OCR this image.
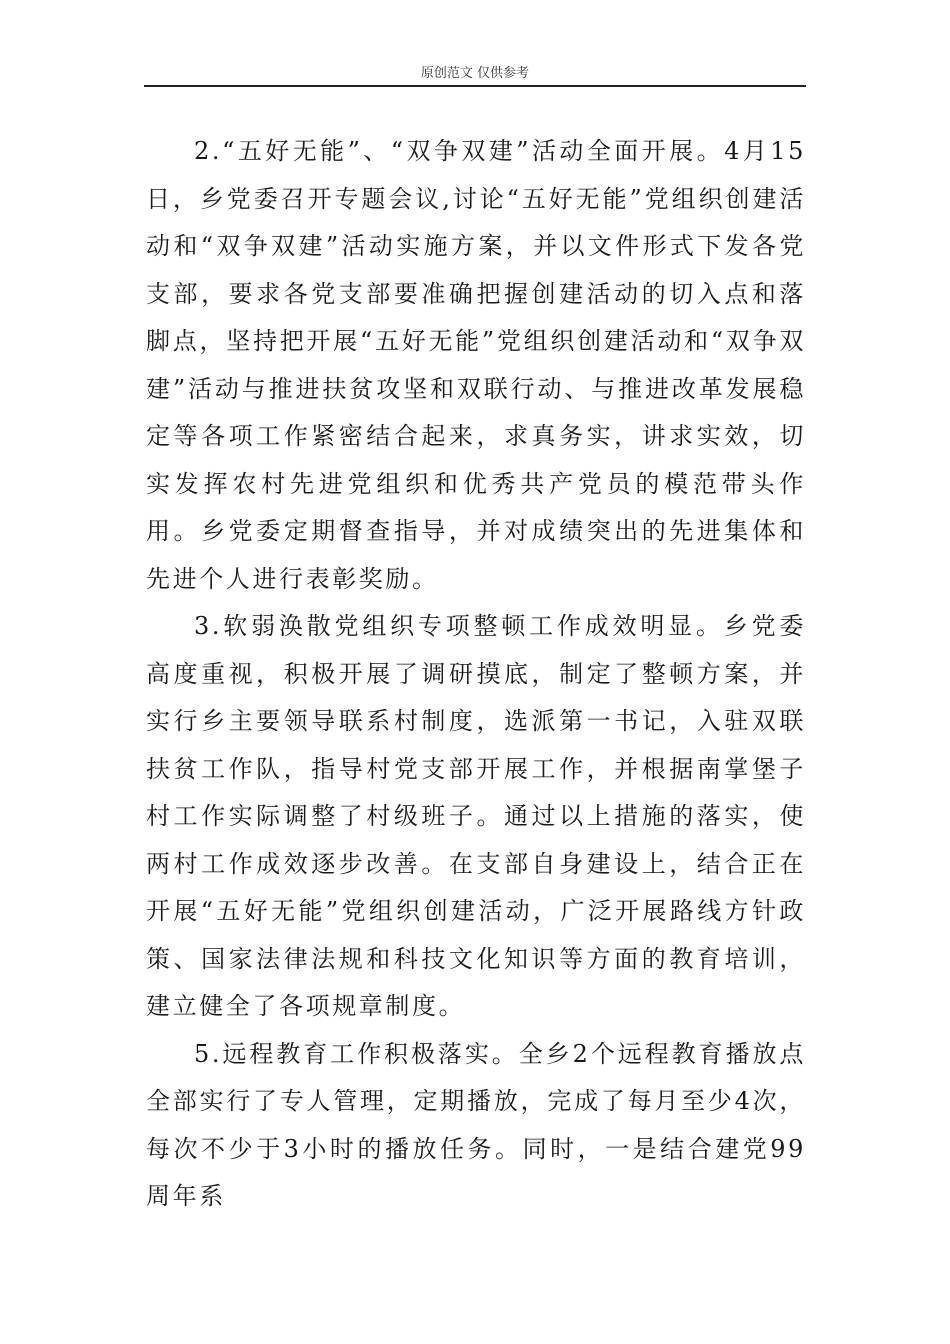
原创范文 仅供参考

2.“五好无能”、“双争双建”活动全面开展。4月15日，乡党委召开专题会议,讨论“五好无能”党组织创建活动和“双争双建”活动实施方案，并以文件形式下发各党支部，要求各党支部要准确把握创建活动的切入点和落脚点，坚持把开展“五好无能”党组织创建活动和“双争双建”活动与推进扶贫攻坚和双联行动、与推进改革发展稳定等各项工作紧密结合起来，求真务实，讲求实效，切实发挥农村先进党组织和优秀共产党员的模范带头作用。乡党委定期督查指导，并对成绩突出的先进集体和先进个人进行表彰奖励。

3.软弱涣散党组织专项整顿工作成效明显。乡党委高度重视，积极开展了调研摸底，制定了整顿方案，并实行乡主要领导联系村制度，选派第一书记，入驻双联扶贫工作队，指导村党支部开展工作，并根据南掌堡子村工作实际调整了村级班子。通过以上措施的落实，使两村工作成效逐步改善。在支部自身建设上，结合正在开展“五好无能”党组织创建活动，广泛开展路线方针政策、国家法律法规和科技文化知识等方面的教育培训，建立健全了各项规章制度。

5.远程教育工作积极落实。全乡2个远程教育播放点全部实行了专人管理，定期播放，完成了每月至少4次，每次不少于3小时的播放任务。同时，一是结合建党99周年系
